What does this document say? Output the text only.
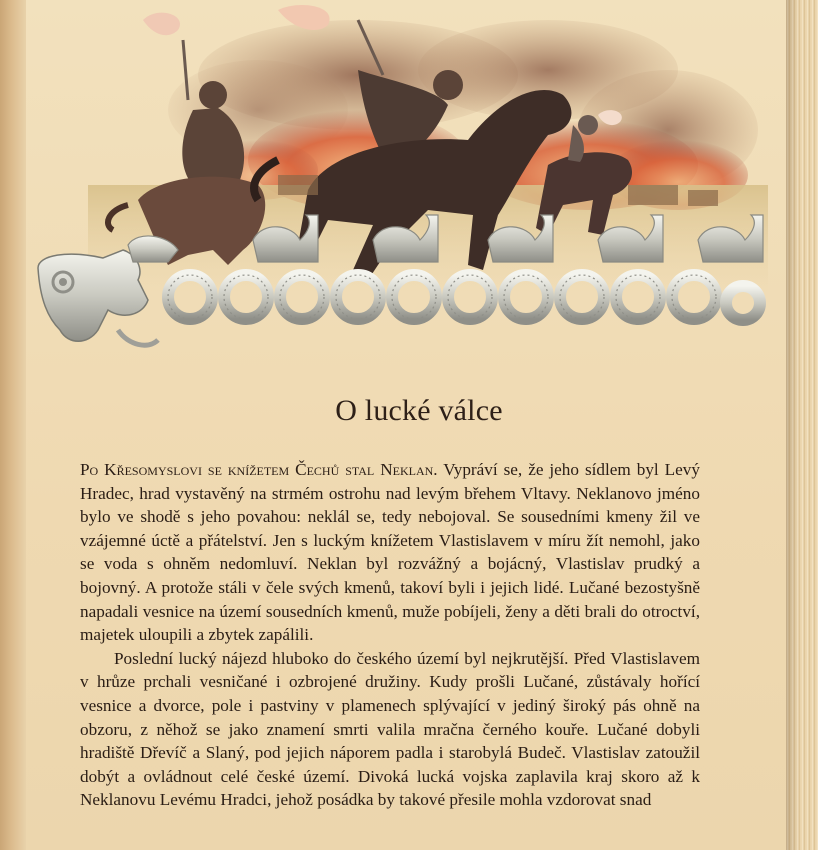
O lucké válce

Po Křesomyslovi se knížetem Čechů stal Neklan. Vypráví se, že jeho sídlem byl Levý Hradec, hrad vystavěný na strmém ostrohu nad levým břehem Vltavy. Neklanovo jméno bylo ve shodě s jeho povahou: neklál se, tedy nebojoval. Se sousedními kmeny žil ve vzájemné úctě a přátelství. Jen s luckým knížetem Vlastislavem v míru žít nemohl, jako se voda s ohněm nedomluví. Neklan byl rozvážný a bojácný, Vlastislav prudký a bojovný. A protože stáli v čele svých kmenů, takoví byli i jejich lidé. Lučané bezostyšně napadali vesnice na území sousedních kmenů, muže pobíjeli, ženy a děti brali do otroctví, majetek uloupili a zbytek zapálili.

Poslední lucký nájezd hluboko do českého území byl nejkrutější. Před Vlastislavem v hrůze prchali vesničané i ozbrojené družiny. Kudy prošli Lučané, zůstávaly hořící vesnice a dvorce, pole i pastviny v plamenech splývající v jediný široký pás ohně na obzoru, z něhož se jako znamení smrti valila mračna černého kouře. Lučané dobyli hradiště Dřevíč a Slaný, pod jejich náporem padla i starobylá Budeč. Vlastislav zatoužil dobýt a ovládnout celé české území. Divoká lucká vojska zaplavila kraj skoro až k Neklanovu Levému Hradci, jehož posádka by takové přesile mohla vzdorovat snad
